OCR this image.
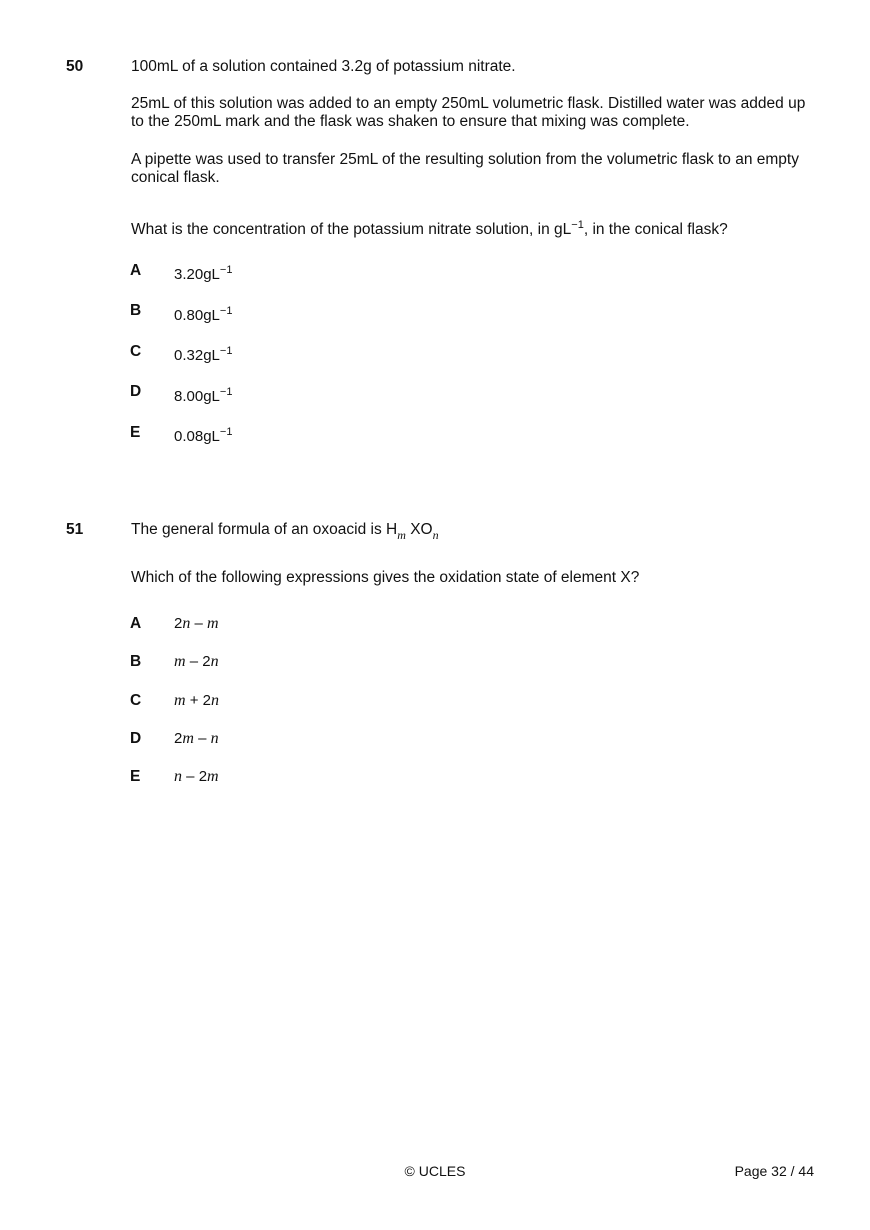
50	100mL of a solution contained 3.2g of potassium nitrate.
25mL of this solution was added to an empty 250mL volumetric flask. Distilled water was added up to the 250mL mark and the flask was shaken to ensure that mixing was complete.
A pipette was used to transfer 25mL of the resulting solution from the volumetric flask to an empty conical flask.
What is the concentration of the potassium nitrate solution, in $gL^{-1}$, in the conical flask?
A $3.20gL^{-1}$
B $0.80gL^{-1}$
C $0.32gL^{-1}$
D $8.00gL^{-1}$
E $0.08gL^{-1}$
51	The general formula of an oxoacid is $H_m$ $XO_n$
Which of the following expressions gives the oxidation state of element X?
A 2n – m
B m – 2n
C m + 2n
D 2m – n
E n – 2m
© UCLES	Page 32 / 44
